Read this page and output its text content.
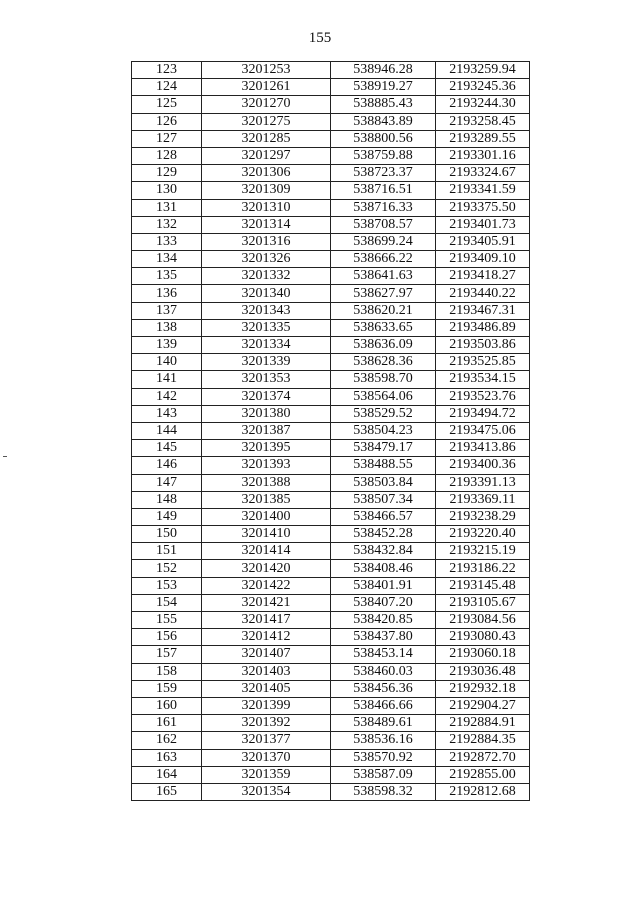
155
123	3201253	538946.28	2193259.94
124	3201261	538919.27	2193245.36
125	3201270	538885.43	2193244.30
126	3201275	538843.89	2193258.45
127	3201285	538800.56	2193289.55
128	3201297	538759.88	2193301.16
129	3201306	538723.37	2193324.67
130	3201309	538716.51	2193341.59
131	3201310	538716.33	2193375.50
132	3201314	538708.57	2193401.73
133	3201316	538699.24	2193405.91
134	3201326	538666.22	2193409.10
135	3201332	538641.63	2193418.27
136	3201340	538627.97	2193440.22
137	3201343	538620.21	2193467.31
138	3201335	538633.65	2193486.89
139	3201334	538636.09	2193503.86
140	3201339	538628.36	2193525.85
141	3201353	538598.70	2193534.15
142	3201374	538564.06	2193523.76
143	3201380	538529.52	2193494.72
144	3201387	538504.23	2193475.06
145	3201395	538479.17	2193413.86
146	3201393	538488.55	2193400.36
147	3201388	538503.84	2193391.13
148	3201385	538507.34	2193369.11
149	3201400	538466.57	2193238.29
150	3201410	538452.28	2193220.40
151	3201414	538432.84	2193215.19
152	3201420	538408.46	2193186.22
153	3201422	538401.91	2193145.48
154	3201421	538407.20	2193105.67
155	3201417	538420.85	2193084.56
156	3201412	538437.80	2193080.43
157	3201407	538453.14	2193060.18
158	3201403	538460.03	2193036.48
159	3201405	538456.36	2192932.18
160	3201399	538466.66	2192904.27
161	3201392	538489.61	2192884.91
162	3201377	538536.16	2192884.35
163	3201370	538570.92	2192872.70
164	3201359	538587.09	2192855.00
165	3201354	538598.32	2192812.68
